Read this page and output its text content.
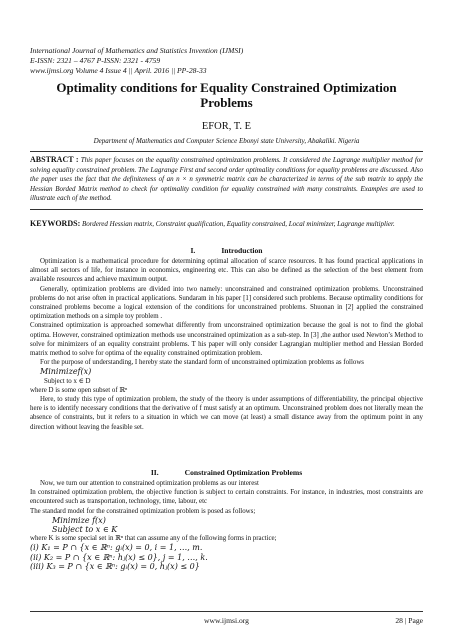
International Journal of Mathematics and Statistics Invention (IJMSI)
E-ISSN: 2321 – 4767 P-ISSN: 2321 - 4759
www.ijmsi.org Volume 4 Issue 4 || April. 2016 || PP-28-33
Optimality conditions for Equality Constrained Optimization Problems
EFOR, T. E
Department of Mathematics and Computer Science Ebonyi state University, Abakaliki. Nigeria
ABSTRACT : This paper focuses on the equality constrained optimization problems. It considered the Lagrange multiplier method for solving equality constrained problem. The Lagrange First and second order optimality conditions for equality problems are discussed. Also the paper uses the fact that the definiteness of an n × n symmetric matrix can be characterized in terms of the sub matrix to apply the Hessian Borded Matrix method to check for optimality condition for equality constrained with many constraints. Examples are used to illustrate each of the method.
KEYWORDS: Bordered Hessian matrix, Constraint qualification, Equality constrained, Local minimizer, Lagrange multiplier.
I.	Introduction

Optimization is a mathematical procedure for determining optimal allocation of scarce resources. It has found practical applications in almost all sectors of life, for instance in economics, engineering etc. This can also be defined as the selection of the best element from available resources and achieve maximum output.

Generally, optimization problems are divided into two namely: unconstrained and constrained optimization problems. Unconstrained problems do not arise often in practical applications. Sundaram in his paper [1] considered such problems. Because optimality conditions for constrained problems become a logical extension of the conditions for unconstrained problems. Shuonan in [2] applied the constrained optimization methods on a simple toy problem .

Constrained optimization is approached somewhat differently from unconstrained optimization because the goal is not to find the global optima. However, constrained optimization methods use unconstrained optimization as a sub-step. In [3] ,the author used Newton’s Method to solve for minimizers of an equality constraint problems. T his paper will only consider Lagrangian multiplier method and Hessian Borded matrix method to solve for optima of the equality constrained optimization problem.

For the purpose of understanding, I hereby state the standard form of unconstrained optimization problems as follows

Minimizef(x)

Subject to x ∈ D

where D is some open subset of ℝⁿ

Here, to study this type of optimization problem, the study of the theory is under assumptions of differentiability, the principal objective here is to identify necessary conditions that the derivative of f must satisfy at an optimum. Unconstrained problem does not literally mean the absence of constraints, but it refers to a situation in which we can move (at least) a small distance away from the optimum point in any direction without leaving the feasible set.

II.	Constrained Optimization Problems

Now, we turn our attention to constrained optimization problems as our interest

In constrained optimization problem, the objective function is subject to certain constraints. For instance, in industries, most constraints are encountered such as transportation, technology, time, labour, etc

The standard model for the constrained optimization problem is posed as follows;

Minimize f(x)

Subject to x ∈ K

where K is some special set in ℝⁿ that can assume any of the following forms in practice;

(i) K₁ = P ∩ {x ∈ ℝⁿ: gᵢ(x) = 0, i = 1, …, m.

(ii) K₂ = P ∩ {x ∈ ℝⁿ: hⱼ(x) ≤ 0}, j = 1, …, k.

(iii) K₃ = P ∩ {x ∈ ℝⁿ: gᵢ(x) = 0, hⱼ(x) ≤ 0}

www.ijmsi.org	28 | Page
